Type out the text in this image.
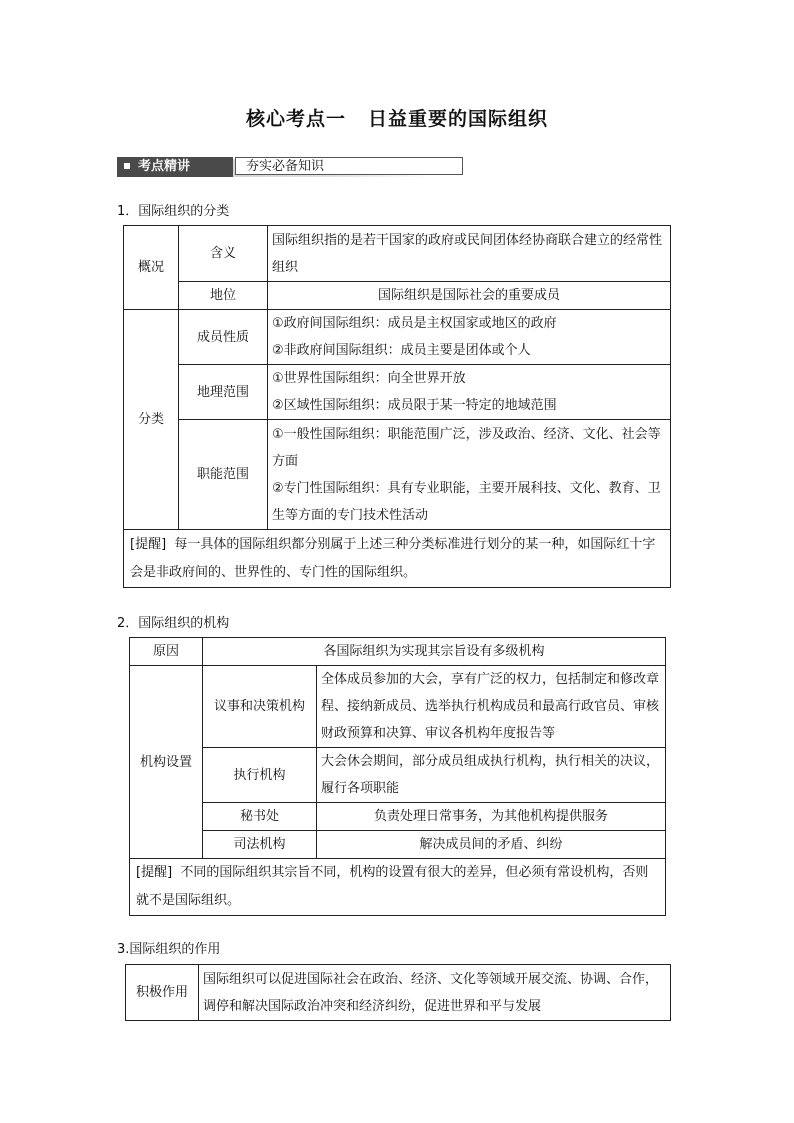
核心考点一 日益重要的国际组织
考点精讲	夯实必备知识
1．国际组织的分类
概况	含义	国际组织指的是若干国家的政府或民间团体经协商联合建立的经常性组织
	地位	国际组织是国际社会的重要成员
分类	成员性质	①政府间国际组织：成员是主权国家或地区的政府
②非政府间国际组织：成员主要是团体或个人

	地理范围	①世界性国际组织：向全世界开放
②区域性国际组织：成员限于某一特定的地域范围

	职能范围	①一般性国际组织：职能范围广泛，涉及政治、经济、文化、社会等方面
②专门性国际组织：具有专业职能，主要开展科技、文化、教育、卫生等方面的专门技术性活动

[提醒] 每一具体的国际组织都分别属于上述三种分类标准进行划分的某一种，如国际红十字会是非政府间的、世界性的、专门性的国际组织。		
2．国际组织的机构
原因	各国际组织为实现其宗旨设有多级机构	
机构设置	议事和决策机构	全体成员参加的大会，享有广泛的权力，包括制定和修改章程、接纳新成员、选举执行机构成员和最高行政官员、审核财政预算和决算、审议各机构年度报告等
	执行机构	大会休会期间，部分成员组成执行机构，执行相关的决议，履行各项职能
	秘书处	负责处理日常事务，为其他机构提供服务
	司法机构	解决成员间的矛盾、纠纷
[提醒] 不同的国际组织其宗旨不同，机构的设置有很大的差异，但必须有常设机构，否则就不是国际组织。		
3.国际组织的作用
积极作用	国际组织可以促进国际社会在政治、经济、文化等领域开展交流、协调、合作，调停和解决国际政治冲突和经济纠纷，促进世界和平与发展
